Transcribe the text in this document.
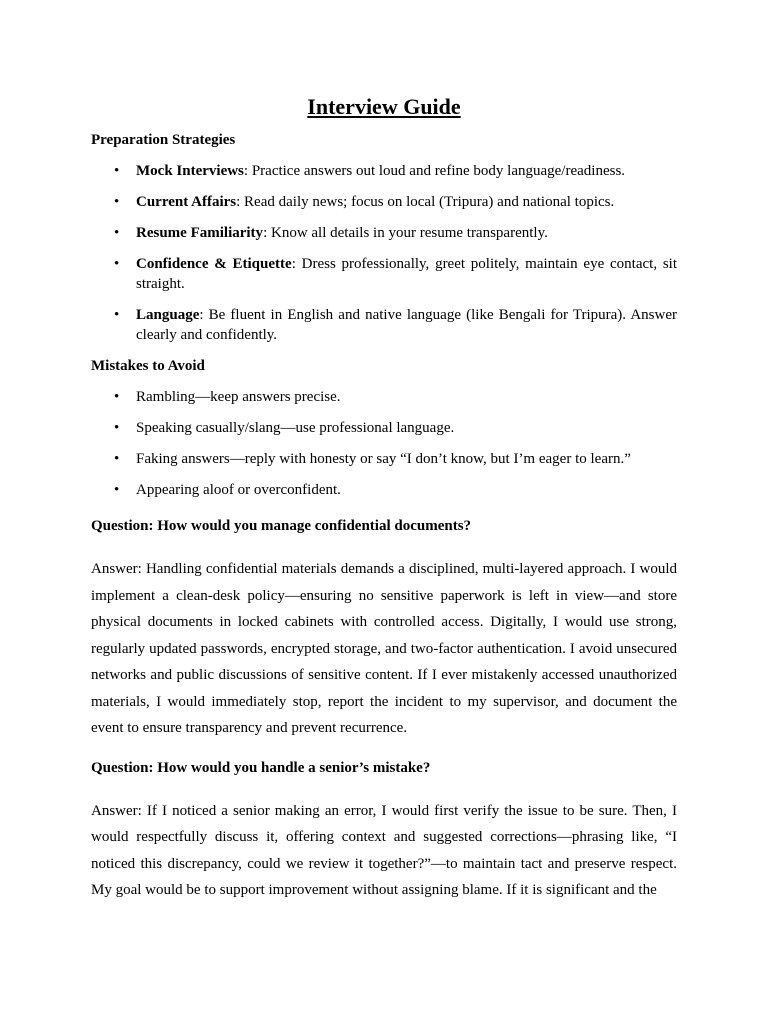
Interview Guide

Preparation Strategies

• Mock Interviews: Practice answers out loud and refine body language/readiness.
• Current Affairs: Read daily news; focus on local (Tripura) and national topics.
• Resume Familiarity: Know all details in your resume transparently.
• Confidence & Etiquette: Dress professionally, greet politely, maintain eye contact, sit straight.
• Language: Be fluent in English and native language (like Bengali for Tripura). Answer clearly and confidently.

Mistakes to Avoid

• Rambling—keep answers precise.
• Speaking casually/slang—use professional language.
• Faking answers—reply with honesty or say “I don’t know, but I’m eager to learn.”
• Appearing aloof or overconfident.

Question: How would you manage confidential documents?

Answer: Handling confidential materials demands a disciplined, multi-layered approach. I would implement a clean-desk policy—ensuring no sensitive paperwork is left in view—and store physical documents in locked cabinets with controlled access. Digitally, I would use strong, regularly updated passwords, encrypted storage, and two-factor authentication. I avoid unsecured networks and public discussions of sensitive content. If I ever mistakenly accessed unauthorized materials, I would immediately stop, report the incident to my supervisor, and document the event to ensure transparency and prevent recurrence.

Question: How would you handle a senior’s mistake?

Answer: If I noticed a senior making an error, I would first verify the issue to be sure. Then, I would respectfully discuss it, offering context and suggested corrections—phrasing like, “I noticed this discrepancy, could we review it together?”—to maintain tact and preserve respect. My goal would be to support improvement without assigning blame. If it is significant and the
